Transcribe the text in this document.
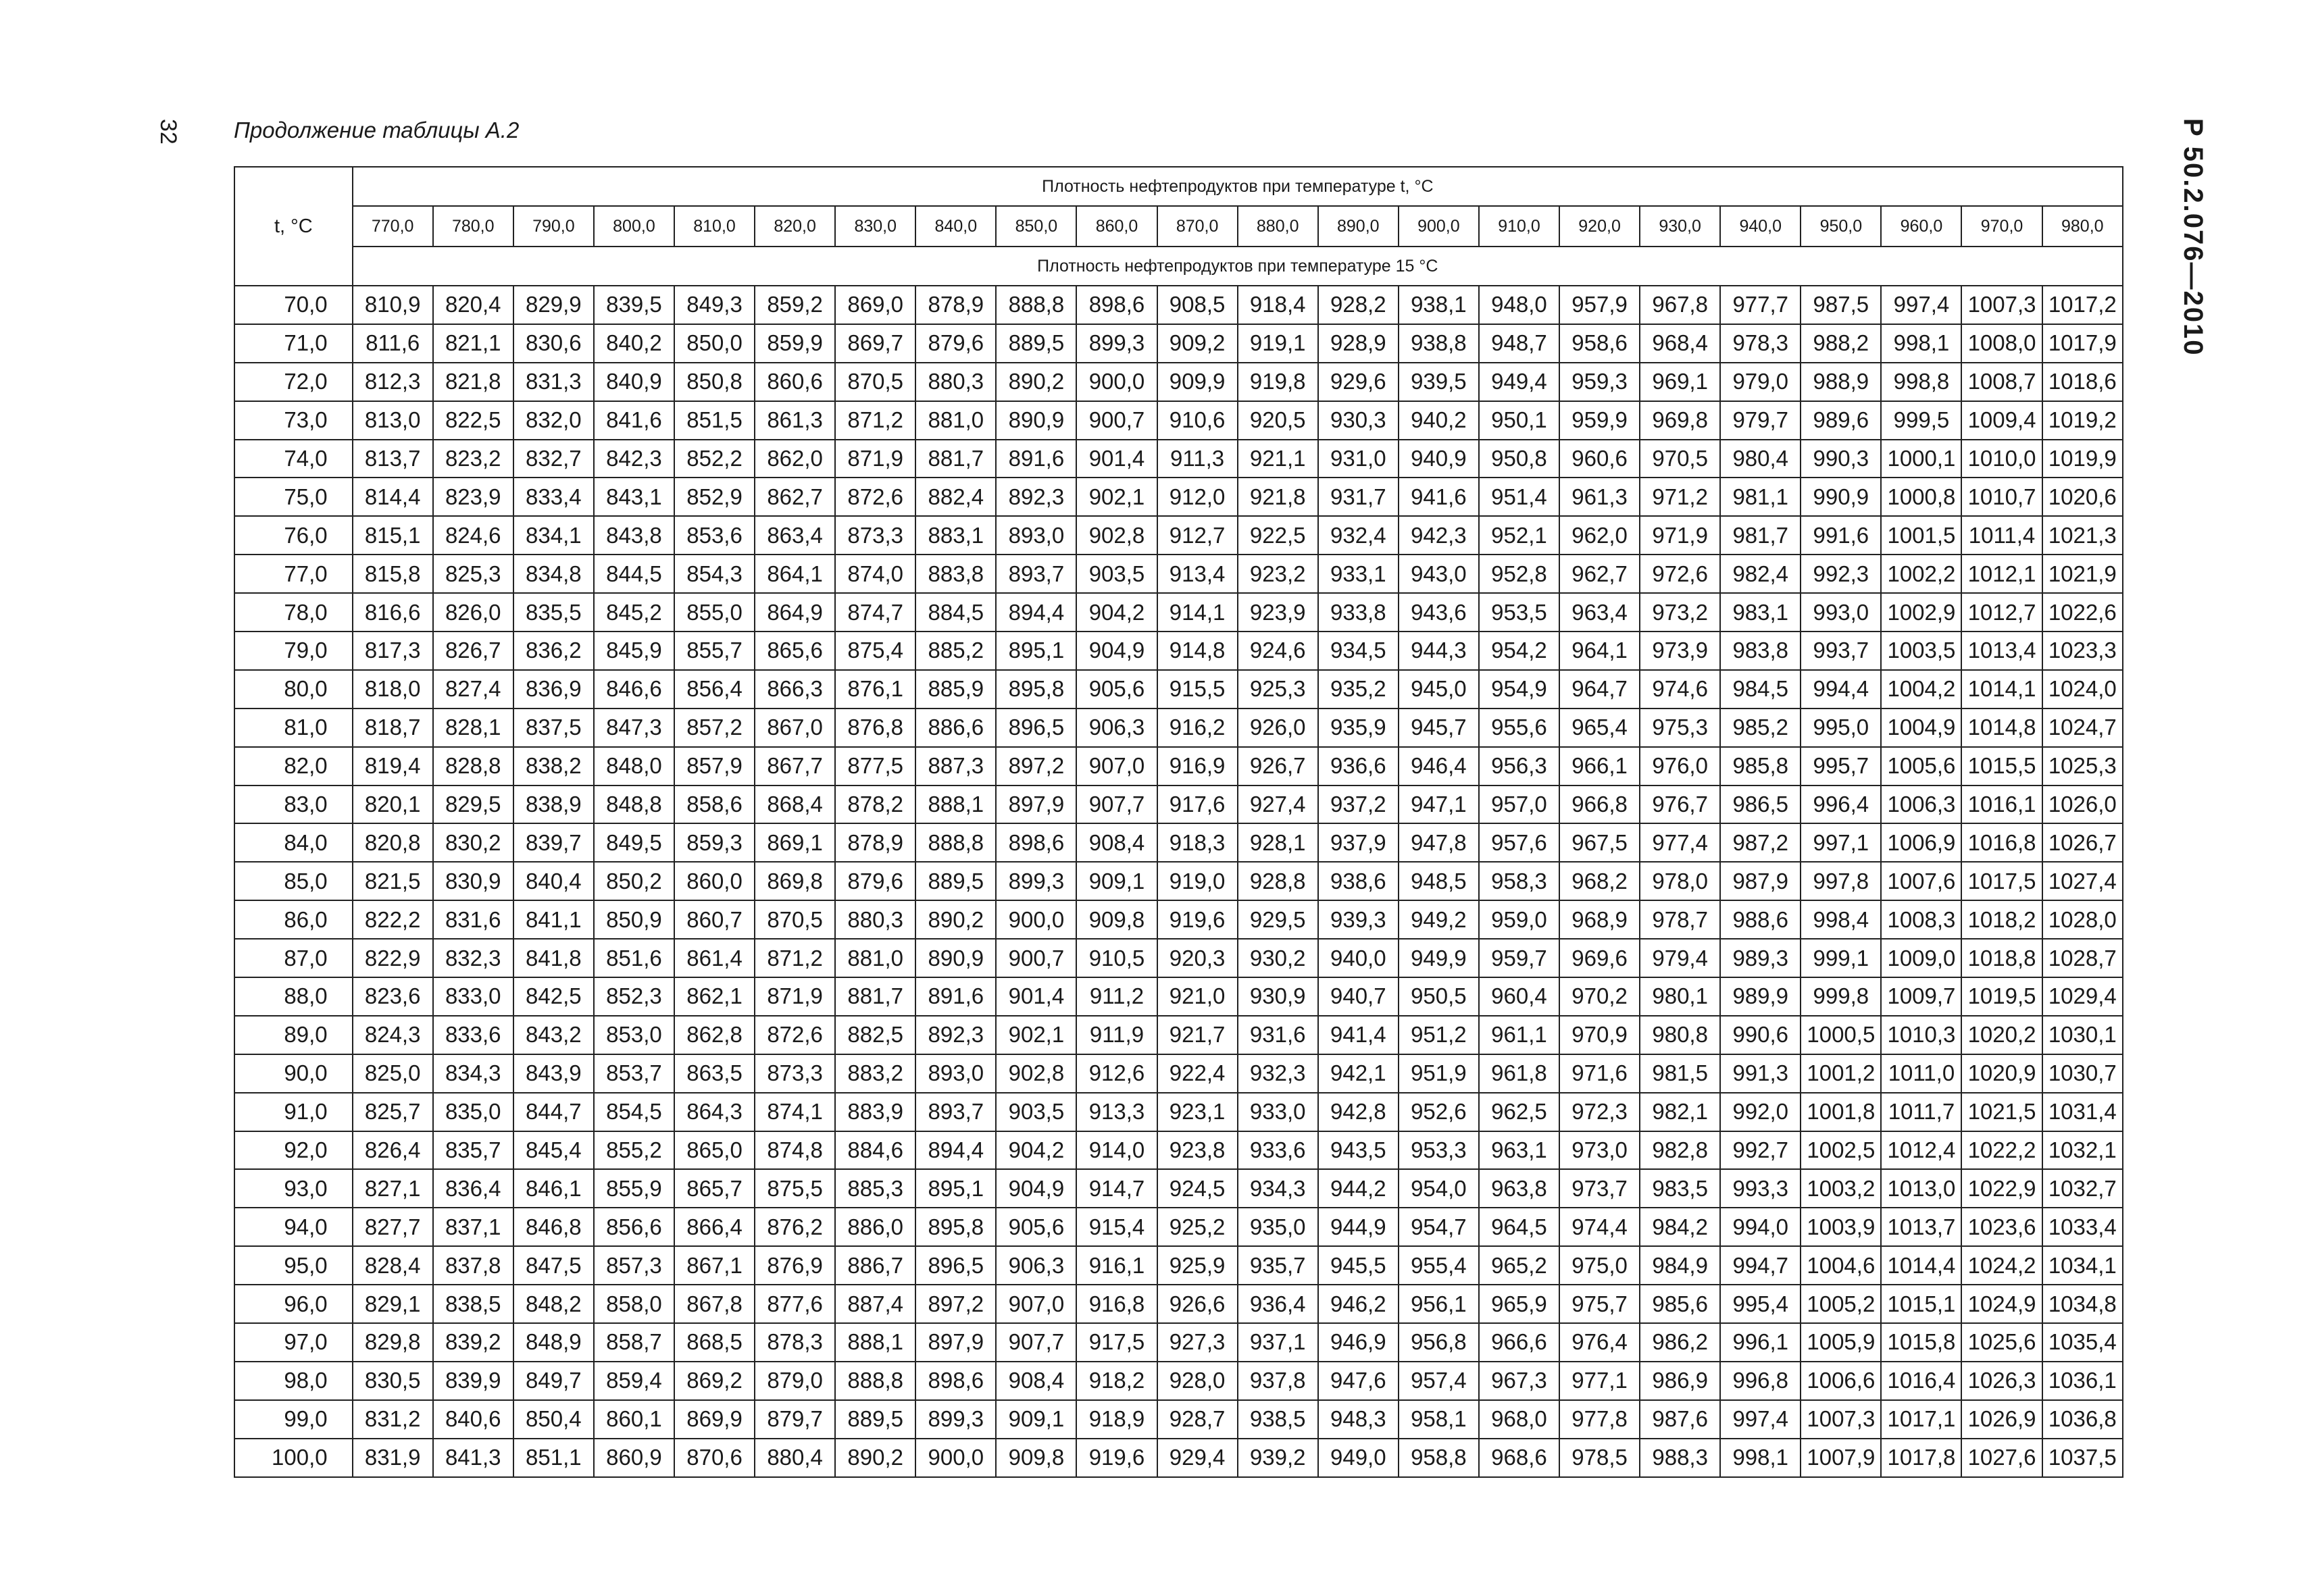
32 Продолжение таблицы А.2	Р 50.2.076—2010
t, °C	Плотность нефтепродуктов при температуре t, °C																					
	770,0	780,0	790,0	800,0	810,0	820,0	830,0	840,0	850,0	860,0	870,0	880,0	890,0	900,0	910,0	920,0	930,0	940,0	950,0	960,0	970,0	980,0
	Плотность нефтепродуктов при температуре 15 °C																					
70,0	810,9	820,4	829,9	839,5	849,3	859,2	869,0	878,9	888,8	898,6	908,5	918,4	928,2	938,1	948,0	957,9	967,8	977,7	987,5	997,4	1007,3	1017,2
71,0	811,6	821,1	830,6	840,2	850,0	859,9	869,7	879,6	889,5	899,3	909,2	919,1	928,9	938,8	948,7	958,6	968,4	978,3	988,2	998,1	1008,0	1017,9
72,0	812,3	821,8	831,3	840,9	850,8	860,6	870,5	880,3	890,2	900,0	909,9	919,8	929,6	939,5	949,4	959,3	969,1	979,0	988,9	998,8	1008,7	1018,6
73,0	813,0	822,5	832,0	841,6	851,5	861,3	871,2	881,0	890,9	900,7	910,6	920,5	930,3	940,2	950,1	959,9	969,8	979,7	989,6	999,5	1009,4	1019,2
74,0	813,7	823,2	832,7	842,3	852,2	862,0	871,9	881,7	891,6	901,4	911,3	921,1	931,0	940,9	950,8	960,6	970,5	980,4	990,3	1000,1	1010,0	1019,9
75,0	814,4	823,9	833,4	843,1	852,9	862,7	872,6	882,4	892,3	902,1	912,0	921,8	931,7	941,6	951,4	961,3	971,2	981,1	990,9	1000,8	1010,7	1020,6
76,0	815,1	824,6	834,1	843,8	853,6	863,4	873,3	883,1	893,0	902,8	912,7	922,5	932,4	942,3	952,1	962,0	971,9	981,7	991,6	1001,5	1011,4	1021,3
77,0	815,8	825,3	834,8	844,5	854,3	864,1	874,0	883,8	893,7	903,5	913,4	923,2	933,1	943,0	952,8	962,7	972,6	982,4	992,3	1002,2	1012,1	1021,9
78,0	816,6	826,0	835,5	845,2	855,0	864,9	874,7	884,5	894,4	904,2	914,1	923,9	933,8	943,6	953,5	963,4	973,2	983,1	993,0	1002,9	1012,7	1022,6
79,0	817,3	826,7	836,2	845,9	855,7	865,6	875,4	885,2	895,1	904,9	914,8	924,6	934,5	944,3	954,2	964,1	973,9	983,8	993,7	1003,5	1013,4	1023,3
80,0	818,0	827,4	836,9	846,6	856,4	866,3	876,1	885,9	895,8	905,6	915,5	925,3	935,2	945,0	954,9	964,7	974,6	984,5	994,4	1004,2	1014,1	1024,0
81,0	818,7	828,1	837,5	847,3	857,2	867,0	876,8	886,6	896,5	906,3	916,2	926,0	935,9	945,7	955,6	965,4	975,3	985,2	995,0	1004,9	1014,8	1024,7
82,0	819,4	828,8	838,2	848,0	857,9	867,7	877,5	887,3	897,2	907,0	916,9	926,7	936,6	946,4	956,3	966,1	976,0	985,8	995,7	1005,6	1015,5	1025,3
83,0	820,1	829,5	838,9	848,8	858,6	868,4	878,2	888,1	897,9	907,7	917,6	927,4	937,2	947,1	957,0	966,8	976,7	986,5	996,4	1006,3	1016,1	1026,0
84,0	820,8	830,2	839,7	849,5	859,3	869,1	878,9	888,8	898,6	908,4	918,3	928,1	937,9	947,8	957,6	967,5	977,4	987,2	997,1	1006,9	1016,8	1026,7
85,0	821,5	830,9	840,4	850,2	860,0	869,8	879,6	889,5	899,3	909,1	919,0	928,8	938,6	948,5	958,3	968,2	978,0	987,9	997,8	1007,6	1017,5	1027,4
86,0	822,2	831,6	841,1	850,9	860,7	870,5	880,3	890,2	900,0	909,8	919,6	929,5	939,3	949,2	959,0	968,9	978,7	988,6	998,4	1008,3	1018,2	1028,0
87,0	822,9	832,3	841,8	851,6	861,4	871,2	881,0	890,9	900,7	910,5	920,3	930,2	940,0	949,9	959,7	969,6	979,4	989,3	999,1	1009,0	1018,8	1028,7
88,0	823,6	833,0	842,5	852,3	862,1	871,9	881,7	891,6	901,4	911,2	921,0	930,9	940,7	950,5	960,4	970,2	980,1	989,9	999,8	1009,7	1019,5	1029,4
89,0	824,3	833,6	843,2	853,0	862,8	872,6	882,5	892,3	902,1	911,9	921,7	931,6	941,4	951,2	961,1	970,9	980,8	990,6	1000,5	1010,3	1020,2	1030,1
90,0	825,0	834,3	843,9	853,7	863,5	873,3	883,2	893,0	902,8	912,6	922,4	932,3	942,1	951,9	961,8	971,6	981,5	991,3	1001,2	1011,0	1020,9	1030,7
91,0	825,7	835,0	844,7	854,5	864,3	874,1	883,9	893,7	903,5	913,3	923,1	933,0	942,8	952,6	962,5	972,3	982,1	992,0	1001,8	1011,7	1021,5	1031,4
92,0	826,4	835,7	845,4	855,2	865,0	874,8	884,6	894,4	904,2	914,0	923,8	933,6	943,5	953,3	963,1	973,0	982,8	992,7	1002,5	1012,4	1022,2	1032,1
93,0	827,1	836,4	846,1	855,9	865,7	875,5	885,3	895,1	904,9	914,7	924,5	934,3	944,2	954,0	963,8	973,7	983,5	993,3	1003,2	1013,0	1022,9	1032,7
94,0	827,7	837,1	846,8	856,6	866,4	876,2	886,0	895,8	905,6	915,4	925,2	935,0	944,9	954,7	964,5	974,4	984,2	994,0	1003,9	1013,7	1023,6	1033,4
95,0	828,4	837,8	847,5	857,3	867,1	876,9	886,7	896,5	906,3	916,1	925,9	935,7	945,5	955,4	965,2	975,0	984,9	994,7	1004,6	1014,4	1024,2	1034,1
96,0	829,1	838,5	848,2	858,0	867,8	877,6	887,4	897,2	907,0	916,8	926,6	936,4	946,2	956,1	965,9	975,7	985,6	995,4	1005,2	1015,1	1024,9	1034,8
97,0	829,8	839,2	848,9	858,7	868,5	878,3	888,1	897,9	907,7	917,5	927,3	937,1	946,9	956,8	966,6	976,4	986,2	996,1	1005,9	1015,8	1025,6	1035,4
98,0	830,5	839,9	849,7	859,4	869,2	879,0	888,8	898,6	908,4	918,2	928,0	937,8	947,6	957,4	967,3	977,1	986,9	996,8	1006,6	1016,4	1026,3	1036,1
99,0	831,2	840,6	850,4	860,1	869,9	879,7	889,5	899,3	909,1	918,9	928,7	938,5	948,3	958,1	968,0	977,8	987,6	997,4	1007,3	1017,1	1026,9	1036,8
100,0	831,9	841,3	851,1	860,9	870,6	880,4	890,2	900,0	909,8	919,6	929,4	939,2	949,0	958,8	968,6	978,5	988,3	998,1	1007,9	1017,8	1027,6	1037,5
